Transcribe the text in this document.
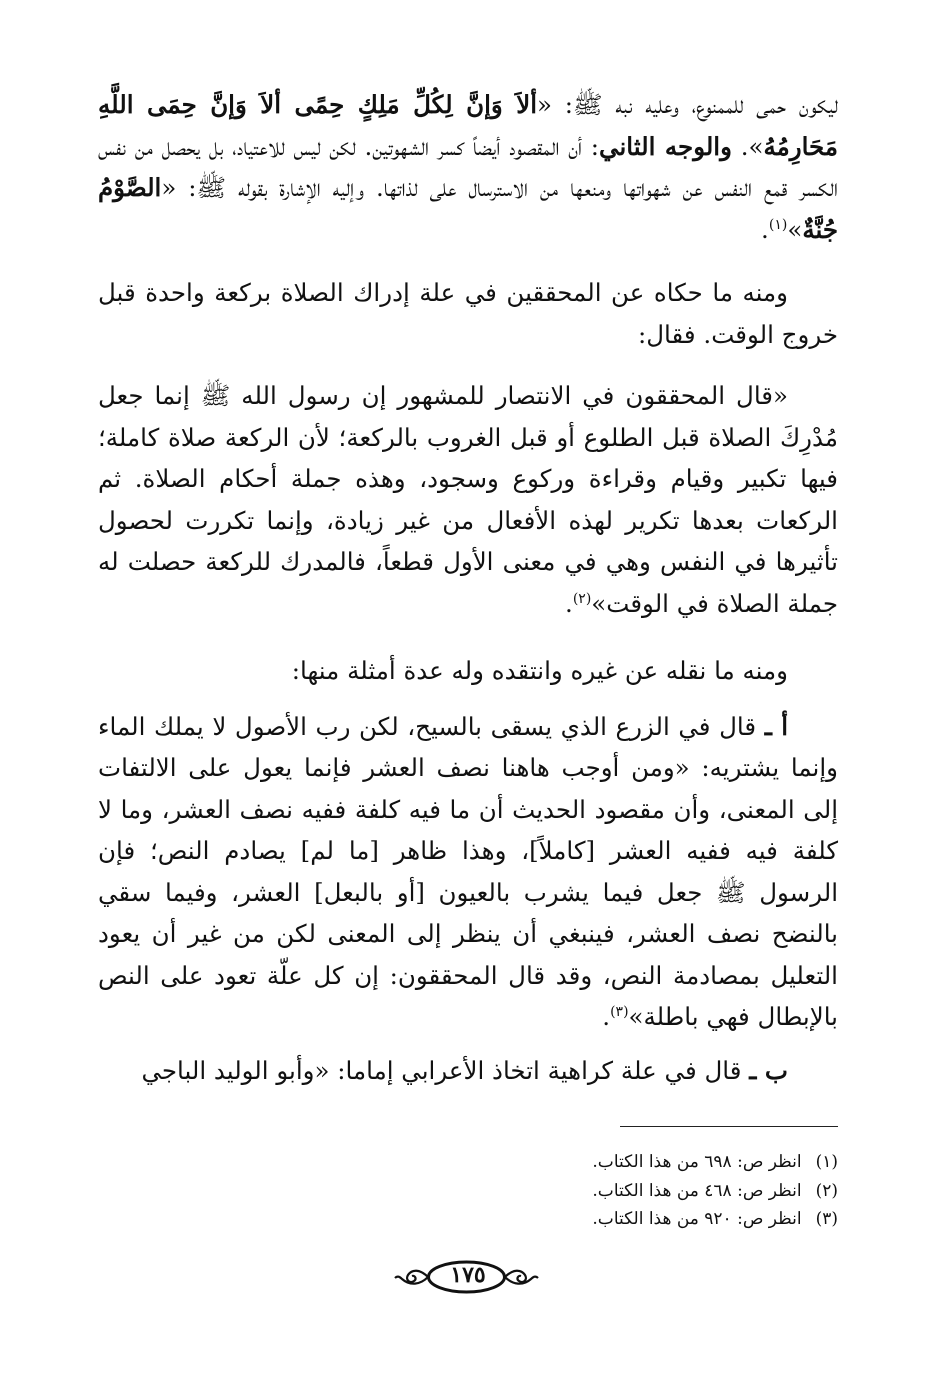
ليكون حمى للممنوع، وعليه نبه ﷺ: «ألاَ وَإنَّ لِكُلِّ مَلِكٍ حِمًى ألاَ وَإنَّ حِمَى اللَّهِ مَحَارِمُهُ». والوجه الثاني: أن المقصود أيضاً كسر الشهوتين. لكن ليس للاعتياد، بل يحصل من نفس الكسر قمع النفس عن شهواتها ومنعها من الاسترسال على لذاتها. وإليه الإشارة بقوله ﷺ: «الصَّوْمُ جُنَّةٌ»$^{(١)}$.

ومنه ما حكاه عن المحققين في علة إدراك الصلاة بركعة واحدة قبل خروج الوقت. فقال:

«قال المحققون في الانتصار للمشهور إن رسول الله ﷺ إنما جعل مُدْرِكَ الصلاة قبل الطلوع أو قبل الغروب بالركعة؛ لأن الركعة صلاة كاملة؛ فيها تكبير وقيام وقراءة وركوع وسجود، وهذه جملة أحكام الصلاة. ثم الركعات بعدها تكرير لهذه الأفعال من غير زيادة، وإنما تكررت لحصول تأثيرها في النفس وهي في معنى الأول قطعاً، فالمدرك للركعة حصلت له جملة الصلاة في الوقت»$^{(٢)}$.

ومنه ما نقله عن غيره وانتقده وله عدة أمثلة منها:

أ ـ قال في الزرع الذي يسقى بالسيح، لكن رب الأصول لا يملك الماء وإنما يشتريه: «ومن أوجب هاهنا نصف العشر فإنما يعول على الالتفات إلى المعنى، وأن مقصود الحديث أن ما فيه كلفة ففيه نصف العشر، وما لا كلفة فيه ففيه العشر [كاملاً]، وهذا ظاهر [ما لم] يصادم النص؛ فإن الرسول ﷺ جعل فيما يشرب بالعيون [أو بالبعل] العشر، وفيما سقي بالنضح نصف العشر، فينبغي أن ينظر إلى المعنى لكن من غير أن يعود التعليل بمصادمة النص، وقد قال المحققون: إن كل علّة تعود على النص بالإبطال فهي باطلة»$^{(٣)}$.

ب ـ قال في علة كراهية اتخاذ الأعرابي إماما: «وأبو الوليد الباجي

(١)انظر ص: ٦٩٨ من هذا الكتاب.
(٢)انظر ص: ٤٦٨ من هذا الكتاب.
(٣)انظر ص: ٩٢٠ من هذا الكتاب.
١٧٥
